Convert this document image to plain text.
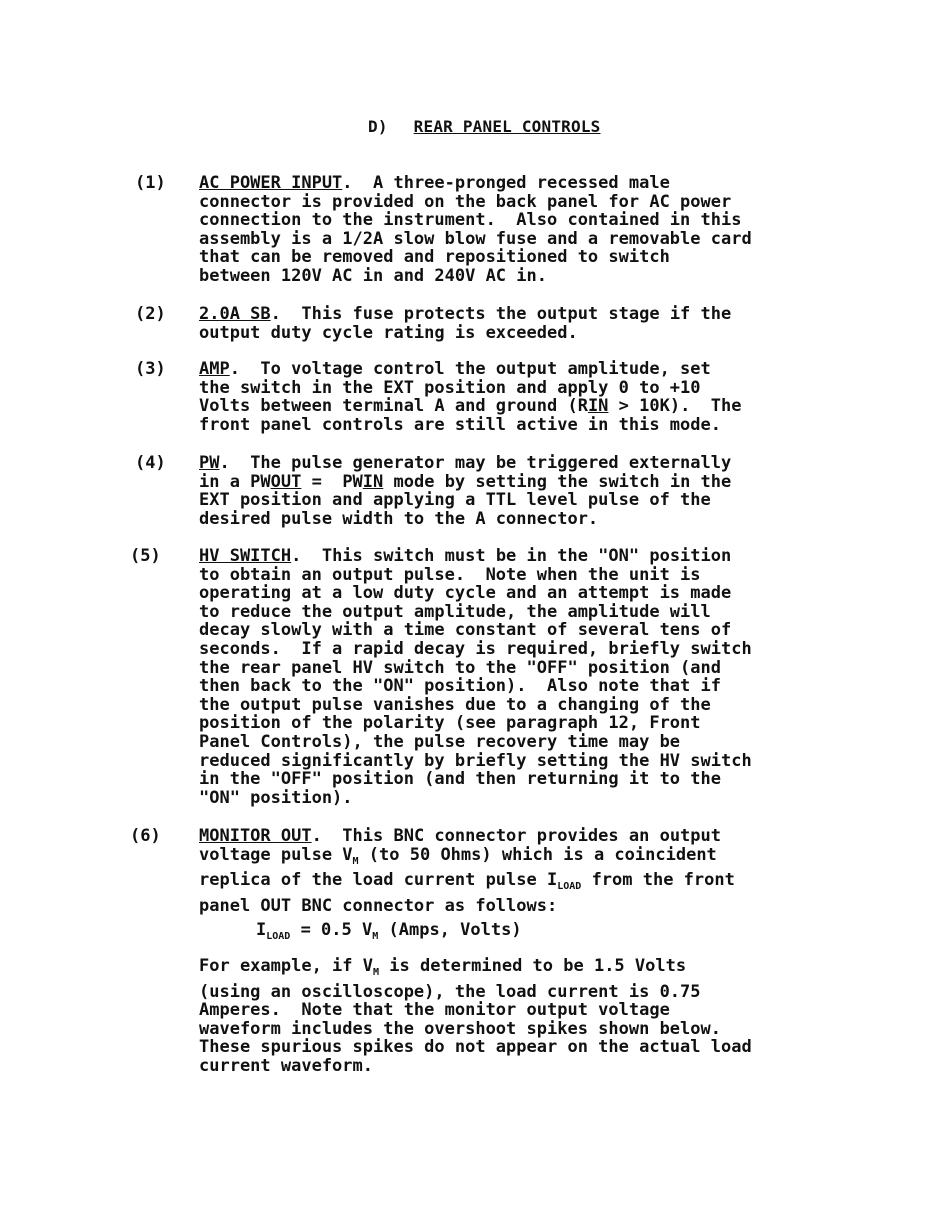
D) REAR PANEL CONTROLS
(1) AC POWER INPUT.  A three-pronged recessed male
connector is provided on the back panel for AC power
connection to the instrument.  Also contained in this
assembly is a 1/2A slow blow fuse and a removable card
that can be removed and repositioned to switch
between 120V AC in and 240V AC in.
(2) 2.0A SB.  This fuse protects the output stage if the
output duty cycle rating is exceeded.
(3) AMP.  To voltage control the output amplitude, set
the switch in the EXT position and apply 0 to +10
Volts between terminal A and ground (RIN > 10K).  The
front panel controls are still active in this mode.
(4) PW.  The pulse generator may be triggered externally
in a PWOUT =  PWIN mode by setting the switch in the
EXT position and applying a TTL level pulse of the
desired pulse width to the A connector.
(5) HV SWITCH.  This switch must be in the "ON" position
to obtain an output pulse.  Note when the unit is
operating at a low duty cycle and an attempt is made
to reduce the output amplitude, the amplitude will
decay slowly with a time constant of several tens of
seconds.  If a rapid decay is required, briefly switch
the rear panel HV switch to the "OFF" position (and
then back to the "ON" position).  Also note that if
the output pulse vanishes due to a changing of the
position of the polarity (see paragraph 12, Front
Panel Controls), the pulse recovery time may be
reduced significantly by briefly setting the HV switch
in the "OFF" position (and then returning it to the
"ON" position).
(6) MONITOR OUT.  This BNC connector provides an output
voltage pulse $V_M$ (to 50 Ohms) which is a coincident
replica of the load current pulse $I_{LOAD}$ from the front
panel OUT BNC connector as follows:
$I_{LOAD} = 0.5$ $V_M$ (Amps, Volts)
For example, if $V_M$ is determined to be 1.5 Volts
(using an oscilloscope), the load current is 0.75
Amperes.  Note that the monitor output voltage
waveform includes the overshoot spikes shown below.
These spurious spikes do not appear on the actual load
current waveform.
